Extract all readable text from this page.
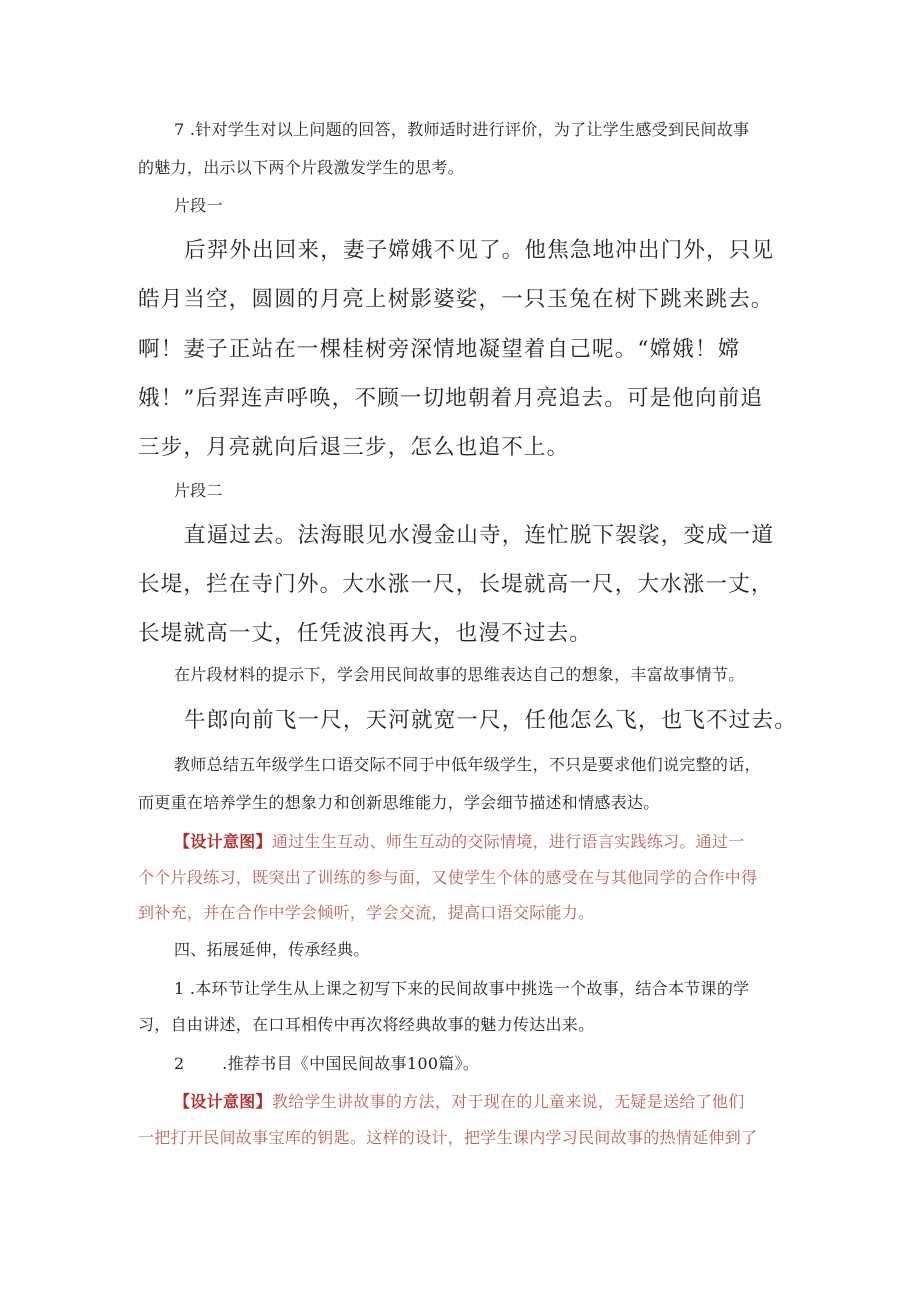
7 .针对学生对以上问题的回答，教师适时进行评价，为了让学生感受到民间故事

的魅力，出示以下两个片段激发学生的思考。

片段一

后羿外出回来，妻子嫦娥不见了。他焦急地冲出门外，只见

皓月当空，圆圆的月亮上树影婆娑，一只玉兔在树下跳来跳去。

啊！妻子正站在一棵桂树旁深情地凝望着自己呢。“嫦娥！嫦

娥！”后羿连声呼唤，不顾一切地朝着月亮追去。可是他向前追

三步，月亮就向后退三步，怎么也追不上。

片段二

直逼过去。法海眼见水漫金山寺，连忙脱下袈裟，变成一道

长堤，拦在寺门外。大水涨一尺，长堤就高一尺，大水涨一丈，

长堤就高一丈，任凭波浪再大，也漫不过去。

在片段材料的提示下，学会用民间故事的思维表达自己的想象，丰富故事情节。

牛郎向前飞一尺，天河就宽一尺，任他怎么飞，也飞不过去。

教师总结五年级学生口语交际不同于中低年级学生，不只是要求他们说完整的话，

而更重在培养学生的想象力和创新思维能力，学会细节描述和情感表达。

【设计意图】通过生生互动、师生互动的交际情境，进行语言实践练习。通过一

个个片段练习，既突出了训练的参与面，又使学生个体的感受在与其他同学的合作中得

到补充，并在合作中学会倾听，学会交流，提高口语交际能力。

四、拓展延伸，传承经典。

1 .本环节让学生从上课之初写下来的民间故事中挑选一个故事，结合本节课的学

习，自由讲述，在口耳相传中再次将经典故事的魅力传达出来。

2       .推荐书目《中国民间故事100篇》。

【设计意图】教给学生讲故事的方法，对于现在的儿童来说，无疑是送给了他们

一把打开民间故事宝库的钥匙。这样的设计，把学生课内学习民间故事的热情延伸到了
